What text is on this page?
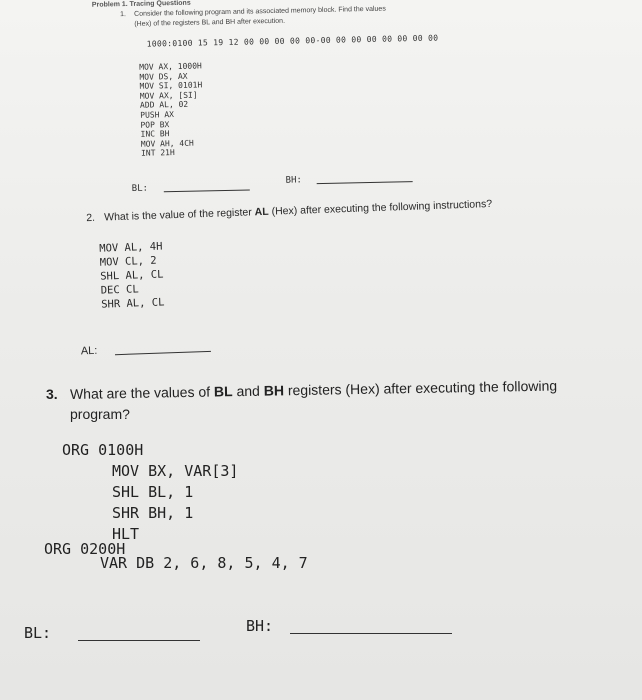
Problem 1. Tracing Questions
1. Consider the following program and its associated memory block. Find the values
(Hex) of the registers BL and BH after execution.
1000:0100 15 19 12 00 00 00 00 00-00 00 00 00 00 00 00 00
MOV AX, 1000H
MOV DS, AX
MOV SI, 0101H
MOV AX, [SI]
ADD AL, 02
PUSH AX
POP BX
INC BH
MOV AH, 4CH
INT 21H
BL:
BH:
2. What is the value of the register AL (Hex) after executing the following instructions?
MOV AL, 4H
MOV CL, 2
SHL AL, CL
DEC CL
SHR AL, CL
AL:
3. What are the values of BL and BH registers (Hex) after executing the following
program?
ORG 0100H
MOV BX, VAR[3]
SHL BL, 1
SHR BH, 1
HLT
ORG 0200H
VAR DB 2, 6, 8, 5, 4, 7
BL:	BH:
